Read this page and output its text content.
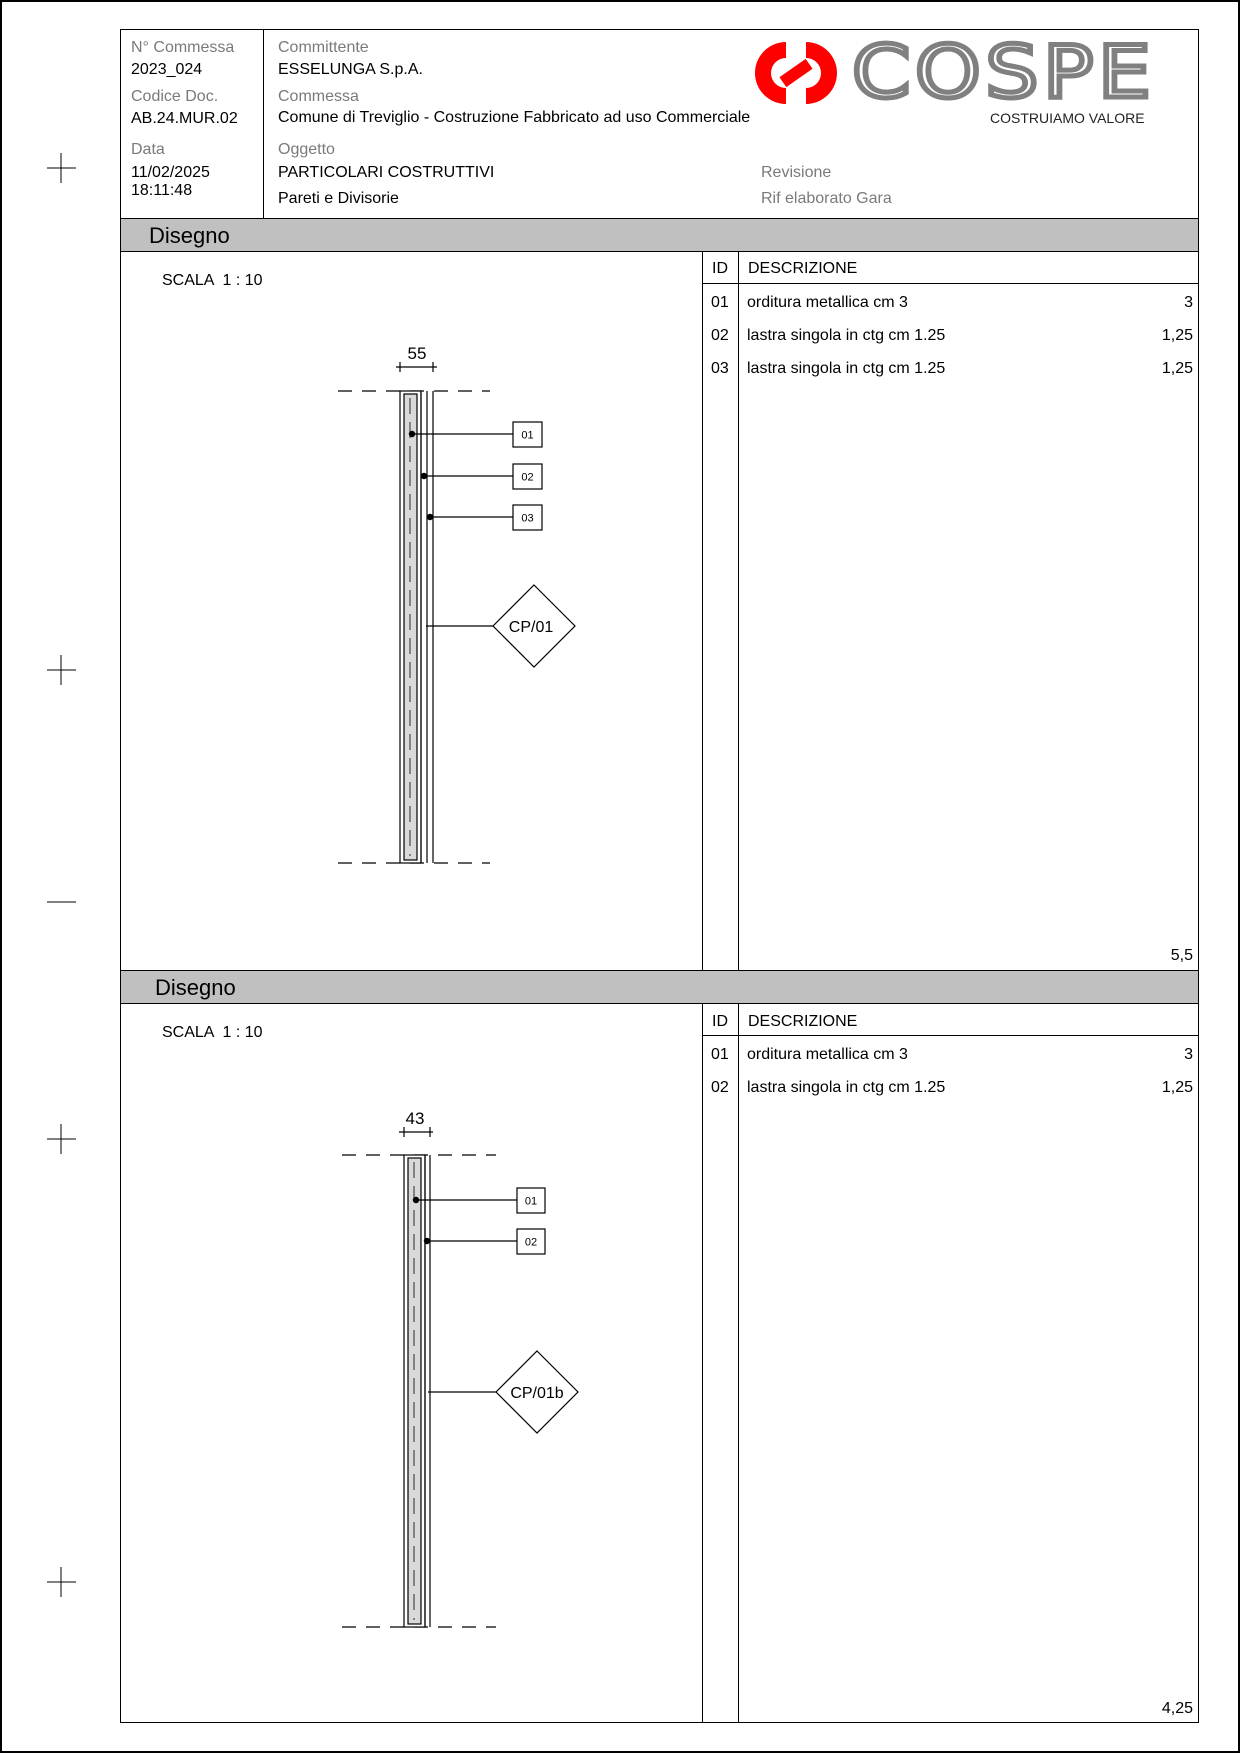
N° Commessa
2023_024
Codice Doc.
AB.24.MUR.02
Data
11/02/2025
18:11:48
Committente
ESSELUNGA S.p.A.
Commessa
Comune di Treviglio - Costruzione Fabbricato ad uso Commerciale
Oggetto
PARTICOLARI COSTRUTTIVI
Pareti e Divisorie
Revisione
Rif elaborato Gara
COSPE
COSTRUIAMO VALORE
Disegno
SCALA  1 : 10
ID DESCRIZIONE
01 orditura metallica cm 3	3
02 lastra singola in ctg cm 1.25	1,25
03 lastra singola in ctg cm 1.25	1,25
5,5
55
01
02
03
CP/01
Disegno
SCALA  1 : 10
ID DESCRIZIONE
01 orditura metallica cm 3	3
02 lastra singola in ctg cm 1.25	1,25
4,25
43
01
02
CP/01b
